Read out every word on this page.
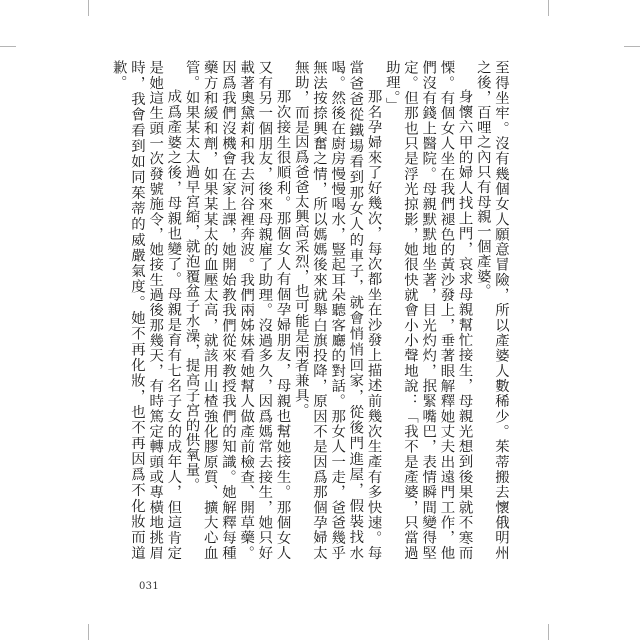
至得坐牢。沒有幾個女人願意冒險，所以產婆人數稀少。茱蒂搬去懷俄明州之後，百哩之內只有母親一個產婆。

身懷六甲的婦人找上門，哀求母親幫忙接生，母親光想到後果就不寒而慄。有個女人坐在我們褪色的黃沙發上，垂著眼解釋她丈夫出遠門工作，他們沒有錢上醫院。母親默默地坐著，目光灼灼，抿緊嘴巴，表情瞬間變得堅定。但那也只是浮光掠影，她很快就會小小聲地說：「我不是產婆，只當過助理。」

那名孕婦來了好幾次，每次都坐在沙發上描述前幾次生產有多快速。每當爸爸從鐵場看到那女人的車子，就會悄悄回家，從後門進屋，假裝找水喝。然後在廚房慢慢喝水，豎起耳朵聽客廳的對話。那女人一走，爸爸幾乎無法按捺興奮之情，所以媽媽後來就舉白旗投降，原因不是因爲那個孕婦太無助，而是因爲爸爸太興高采烈，也可能是兩者兼具。

那次接生很順利。那個女人有個孕婦朋友，母親也幫她接生。那個女人又有另一個朋友，後來母親雇了助理。沒過多久，因爲媽常去接生，她只好載著奧黛莉和我去河谷裡奔波。我們兩姊妹看她幫人做產前檢查、開草藥。因爲我們沒機會在家上課，她開始教我們從來教授我們的知識。她解釋每種藥方和緩和劑，如果某某太的血壓太高，就該用山楂強化膠原質、擴大心血管。如果某太太過早宮縮，就泡覆盆子水澡，提高子宮的供氧量。

成爲產婆之後，母親也變了。母親是育有七名子女的成年人，但這肯定是她這生頭一次發號施令，她接生過後那幾天，有時篤定轉頭或專橫地挑眉時，我會看到如同茱蒂的威嚴氣度。她不再化妝，也不再因爲不化妝而道歉。

031
